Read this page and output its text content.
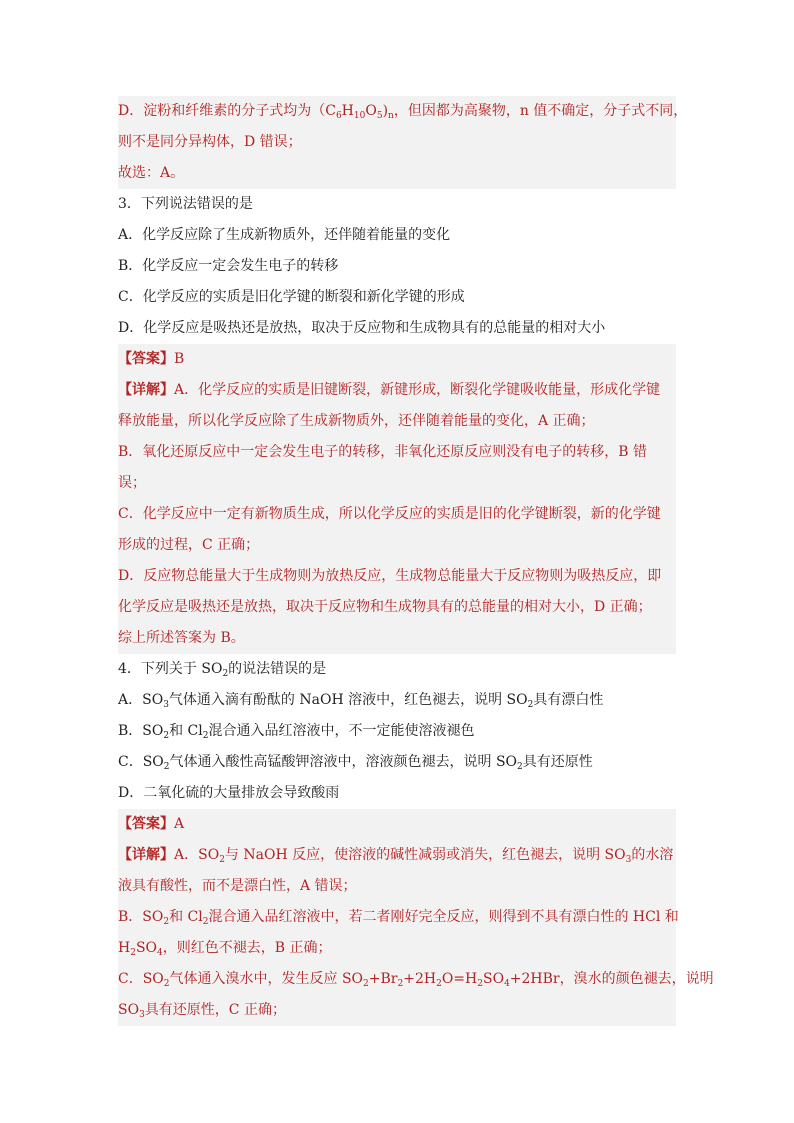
D．淀粉和纤维素的分子式均为$(C_6H_{10}O_5)_n$，但因都为高聚物，n 值不确定，分子式不同，
则不是同分异构体，D 错误；
故选：A。
3．下列说法错误的是
A．化学反应除了生成新物质外，还伴随着能量的变化
B．化学反应一定会发生电子的转移
C．化学反应的实质是旧化学键的断裂和新化学键的形成
D．化学反应是吸热还是放热，取决于反应物和生成物具有的总能量的相对大小
【答案】B
【详解】A．化学反应的实质是旧键断裂，新键形成，断裂化学键吸收能量，形成化学键
释放能量，所以化学反应除了生成新物质外，还伴随着能量的变化，A 正确；
B．氧化还原反应中一定会发生电子的转移，非氧化还原反应则没有电子的转移，B 错
误；
C．化学反应中一定有新物质生成，所以化学反应的实质是旧的化学键断裂，新的化学键
形成的过程，C 正确；
D．反应物总能量大于生成物则为放热反应，生成物总能量大于反应物则为吸热反应，即
化学反应是吸热还是放热，取决于反应物和生成物具有的总能量的相对大小，D 正确；
综上所述答案为 B。
4．下列关于 $SO_2$的说法错误的是
A．$SO_3$气体通入滴有酚酞的 NaOH 溶液中，红色褪去，说明 $SO_2$具有漂白性
B．$SO_2$和 $Cl_2$混合通入品红溶液中，不一定能使溶液褪色
C．$SO_2$气体通入酸性高锰酸钾溶液中，溶液颜色褪去，说明 $SO_2$具有还原性
D．二氧化硫的大量排放会导致酸雨
【答案】A
【详解】A．$SO_2$与 NaOH 反应，使溶液的碱性减弱或消失，红色褪去，说明 $SO_3$的水溶
液具有酸性，而不是漂白性，A 错误；
B．$SO_2$和 $Cl_2$混合通入品红溶液中，若二者刚好完全反应，则得到不具有漂白性的 HCl 和
$H_2SO_4$，则红色不褪去，B 正确；
C．$SO_2$气体通入溴水中，发生反应 $SO_2+Br_2+2H_2O=H_2SO_4+2HBr$，溴水的颜色褪去，说明
$SO_3$具有还原性，C 正确；
